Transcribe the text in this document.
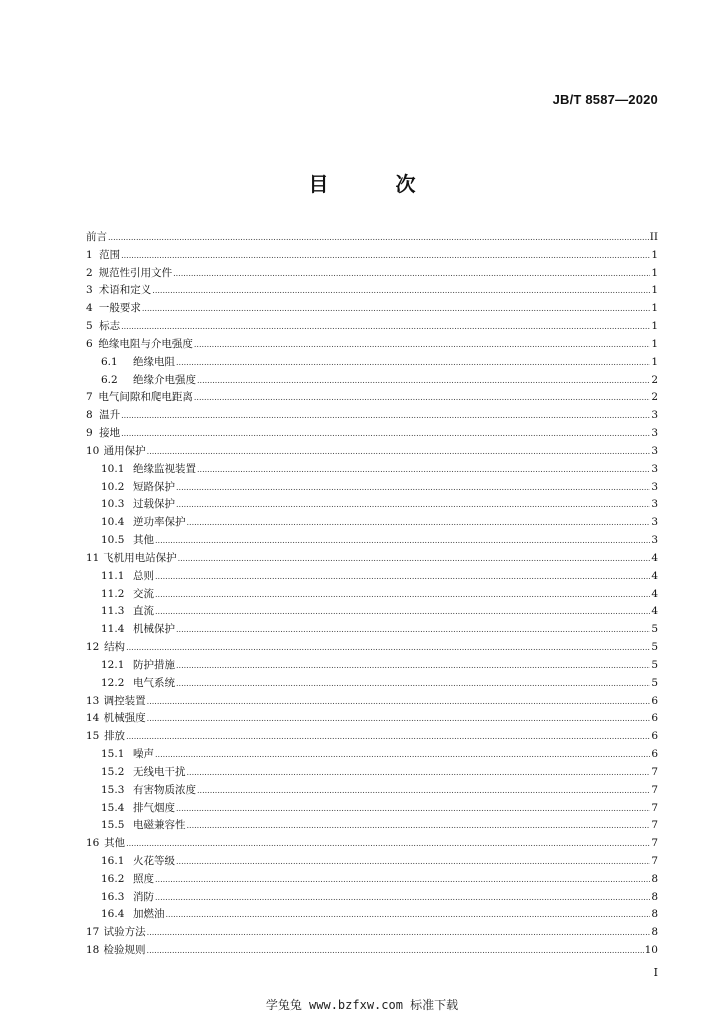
JB/T 8587—2020
目 次
前言 .....	II
1 范围 .....	1
2 规范性引用文件 .....	1
3 术语和定义 .....	1
4 一般要求 .....	1
5 标志 .....	1
6 绝缘电阻与介电强度 .....	1
6.1	绝缘电阻 .....	1
6.2	绝缘介电强度 .....	2
7 电气间隙和爬电距离 .....	2
8 温升 .....	3
9 接地 .....	3
10 通用保护 .....	3
10.1 绝缘监视装置 .....	3
10.2 短路保护 .....	3
10.3 过载保护 .....	3
10.4 逆功率保护 .....	3
10.5 其他 .....	3
11 飞机用电站保护 .....	4
11.1 总则 .....	4
11.2 交流 .....	4
11.3 直流 .....	4
11.4 机械保护 .....	5
12 结构 .....	5
12.1 防护措施 .....	5
12.2 电气系统 .....	5
13 调控装置 .....	6
14 机械强度 .....	6
15 排放 .....	6
15.1 噪声 .....	6
15.2 无线电干扰 .....	7
15.3 有害物质浓度 .....	7
15.4 排气烟度 .....	7
15.5 电磁兼容性 .....	7
16 其他 .....	7
16.1 火花等级 .....	7
16.2 照度 .....	8
16.3 消防 .....	8
16.4 加燃油 .....	8
17 试验方法 .....	8
18 检验规则 .....	10
I
学兔兔 www.bzfxw.com 标准下载
